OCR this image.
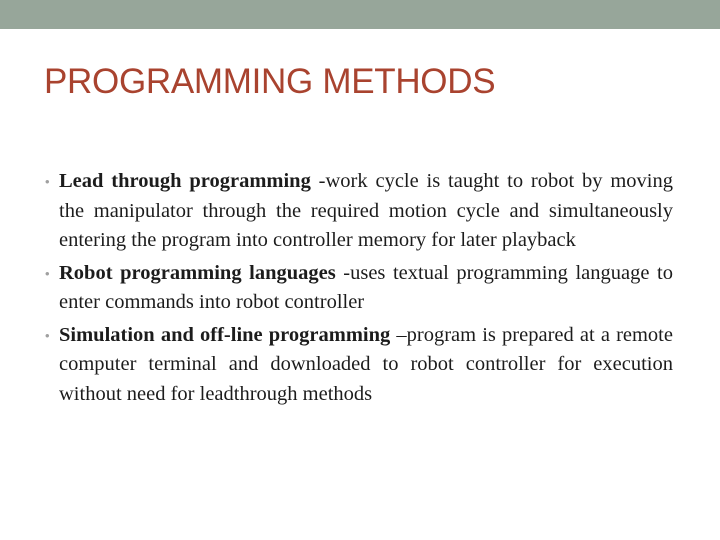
PROGRAMMING METHODS
• Lead through programming -work cycle is taught to robot by moving the manipulator through the required motion cycle and simultaneously entering the program into controller memory for later playback
• Robot programming languages -uses textual programming language to enter commands into robot controller
• Simulation and off-line programming –program is prepared at a remote computer terminal and downloaded to robot controller for execution without need for leadthrough methods
